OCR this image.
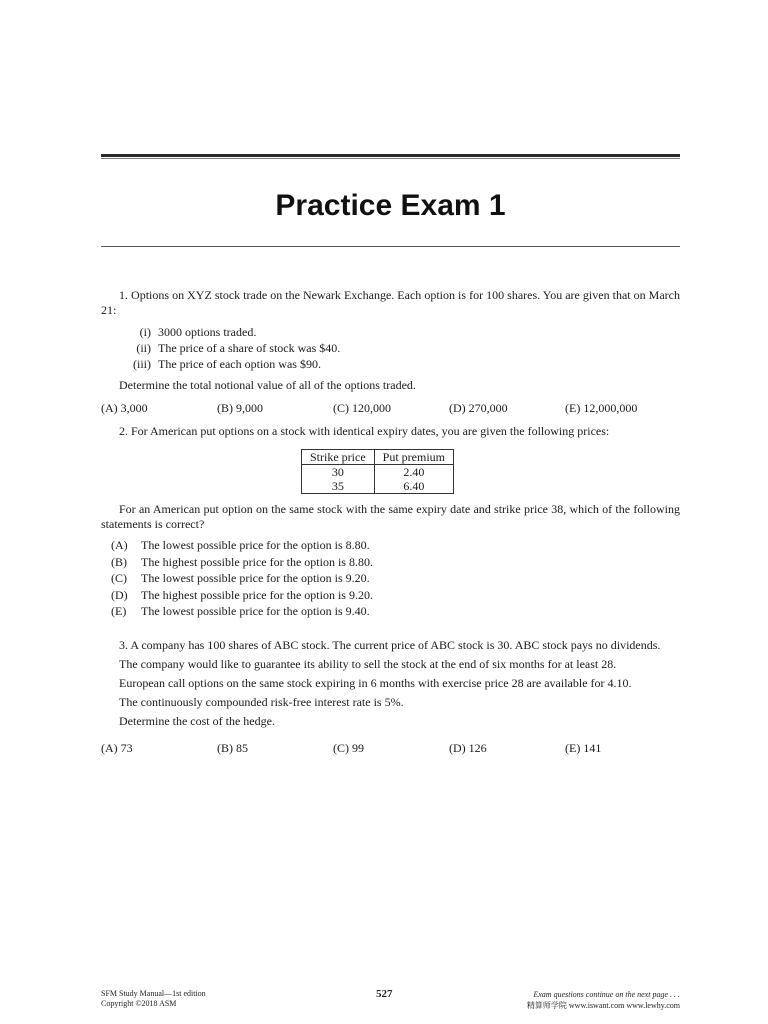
Practice Exam 1

1. Options on XYZ stock trade on the Newark Exchange. Each option is for 100 shares. You are given that on March 21:

(i) 3000 options traded.
(ii) The price of a share of stock was $40.
(iii) The price of each option was $90.

Determine the total notional value of all of the options traded.

(A) 3,000	(B) 9,000	(C) 120,000	(D) 270,000	(E) 12,000,000

2. For American put options on a stock with identical expiry dates, you are given the following prices:

Strike price	Put premium
30	2.40
35	6.40

For an American put option on the same stock with the same expiry date and strike price 38, which of the following statements is correct?

(A)	The lowest possible price for the option is 8.80.
(B)	The highest possible price for the option is 8.80.
(C)	The lowest possible price for the option is 9.20.
(D)	The highest possible price for the option is 9.20.
(E)	The lowest possible price for the option is 9.40.

3. A company has 100 shares of ABC stock. The current price of ABC stock is 30. ABC stock pays no dividends.

The company would like to guarantee its ability to sell the stock at the end of six months for at least 28.

European call options on the same stock expiring in 6 months with exercise price 28 are available for 4.10.

The continuously compounded risk-free interest rate is 5%.

Determine the cost of the hedge.

(A) 73	(B) 85	(C) 99	(D) 126	(E) 141
SFM Study Manual—1st edition
Copyright ©2018 ASM
527	Exam questions continue on the next page . . .
精算师学院 www.iswant.com www.lewhy.com
